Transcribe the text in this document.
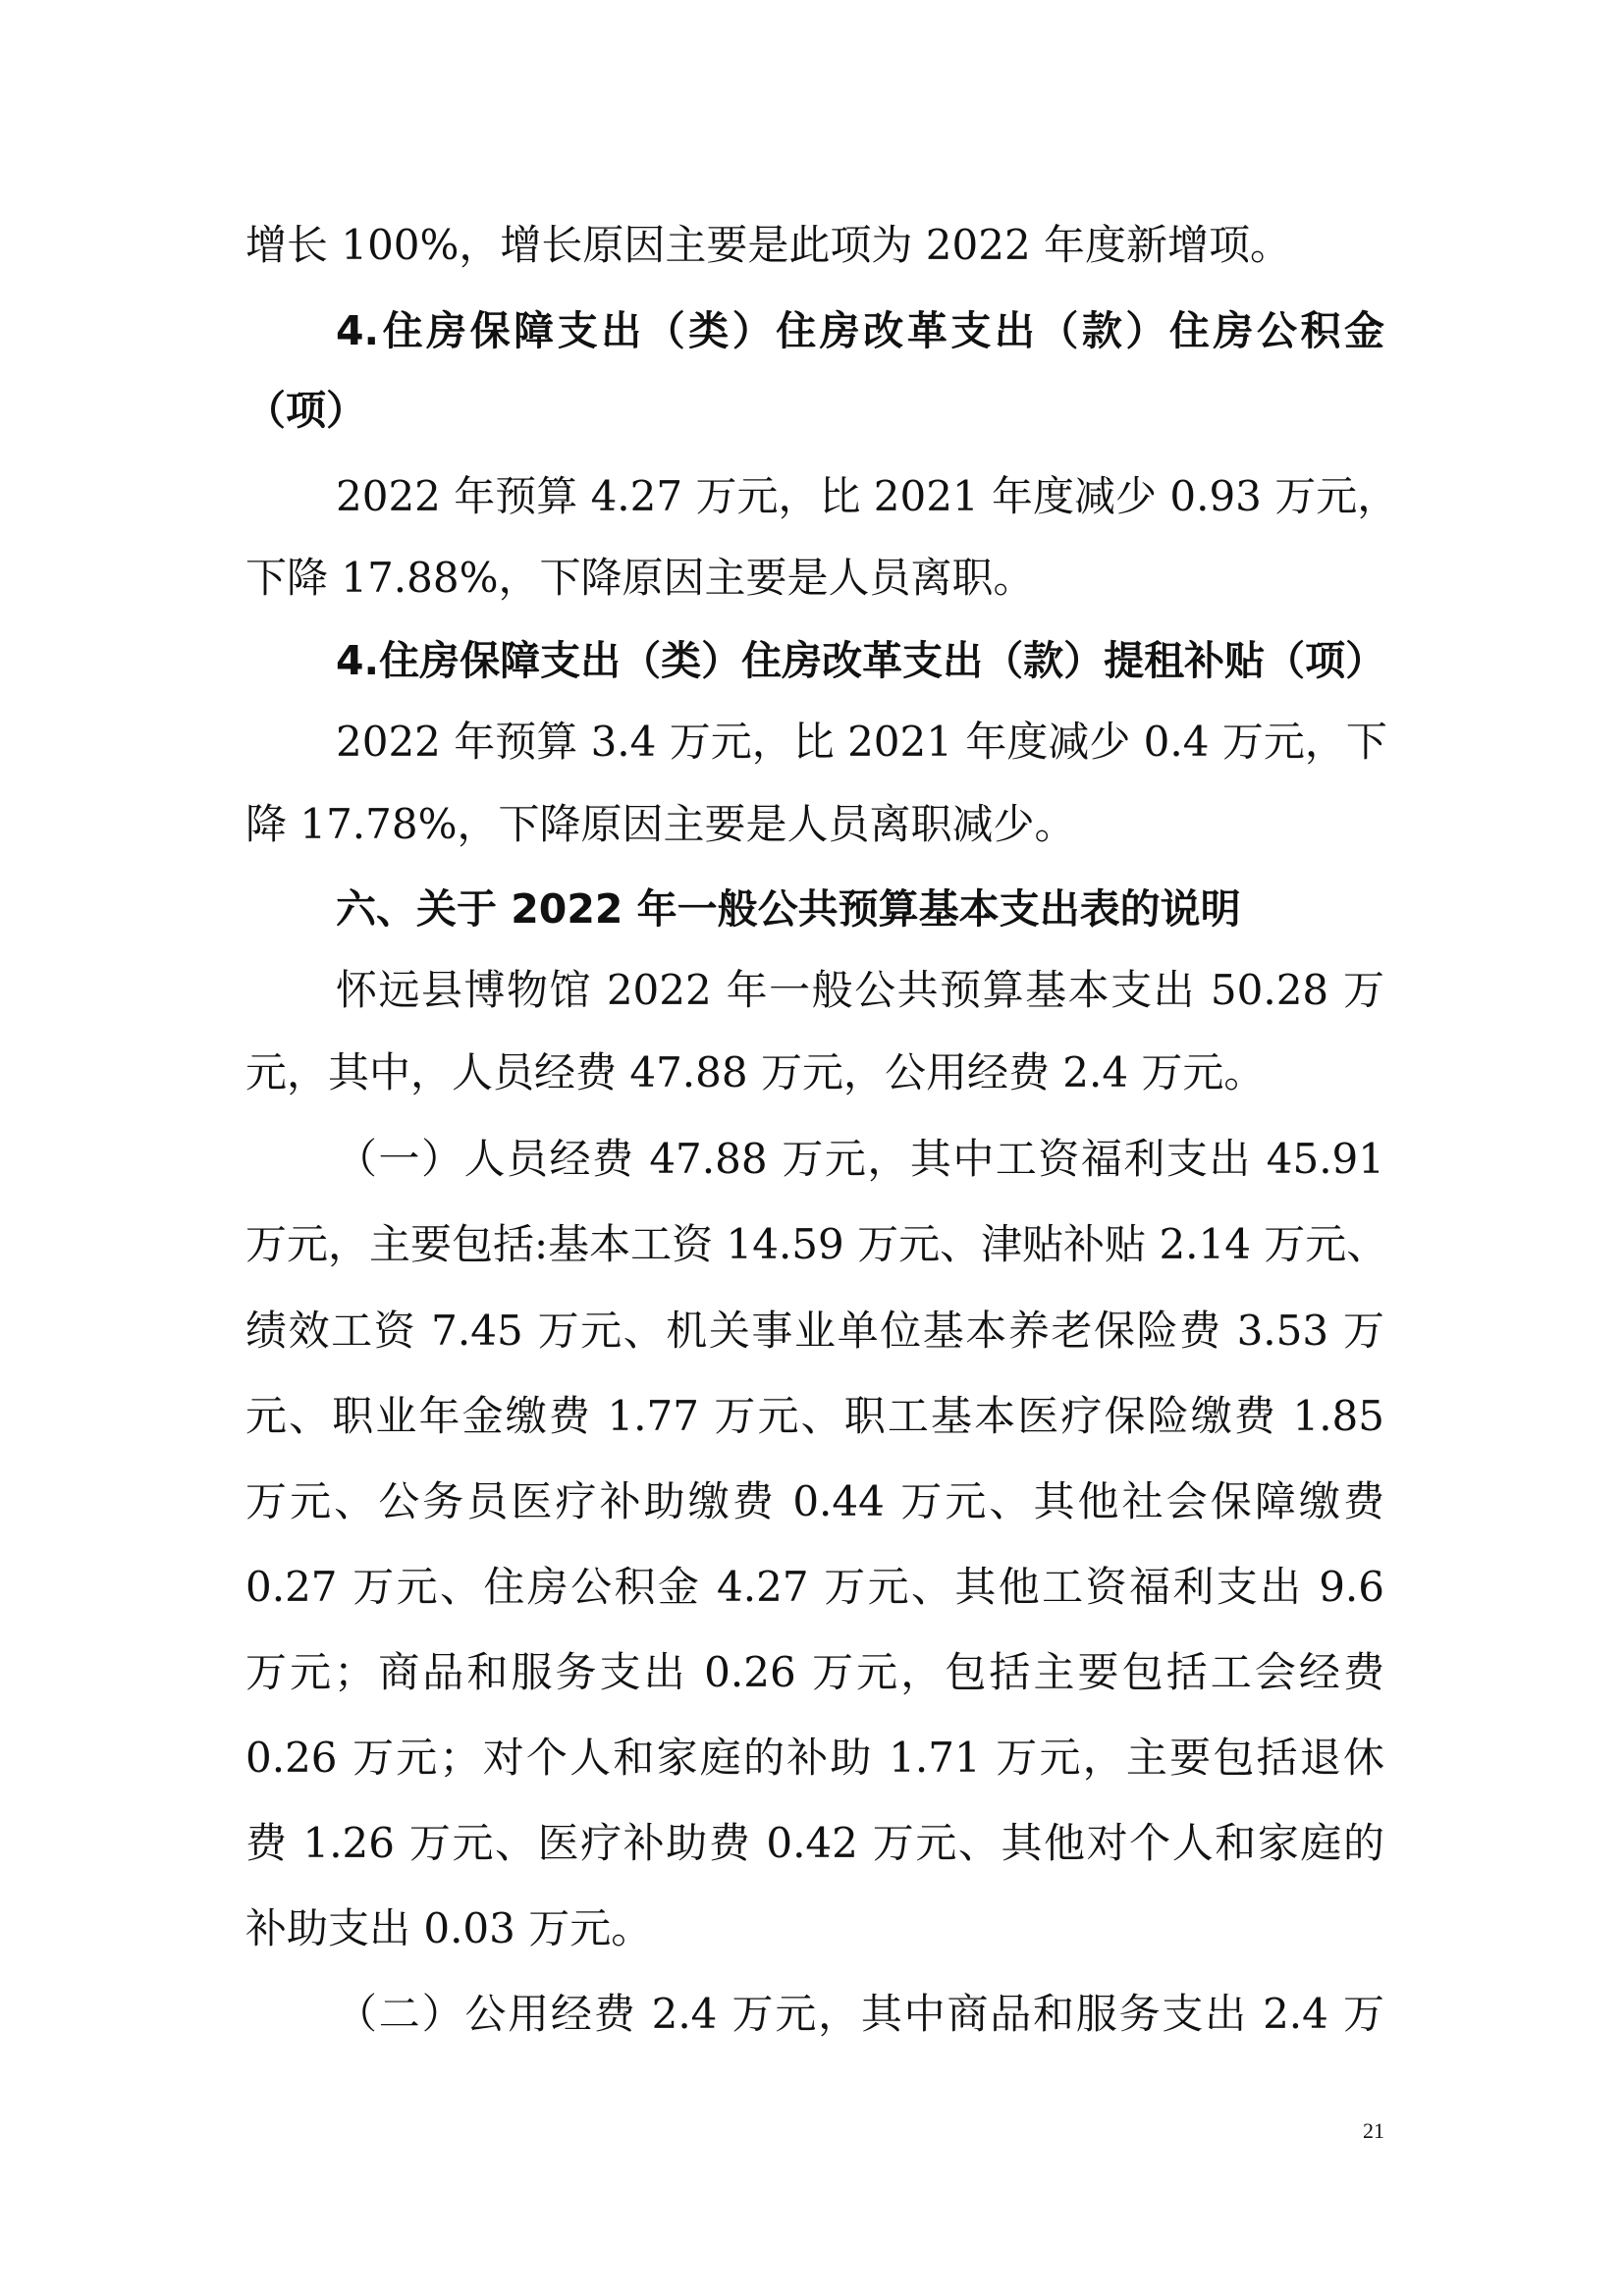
增长 100%，增长原因主要是此项为 2022 年度新增项。
4.住房保障支出（类）住房改革支出（款）住房公积金
（项）
2022 年预算 4.27 万元，比 2021 年度减少 0.93 万元，
下降 17.88%，下降原因主要是人员离职。
4.住房保障支出（类）住房改革支出（款）提租补贴（项）
2022 年预算 3.4 万元，比 2021 年度减少 0.4 万元，下
降 17.78%，下降原因主要是人员离职减少。
六、关于 2022 年一般公共预算基本支出表的说明
怀远县博物馆 2022 年一般公共预算基本支出 50.28 万
元，其中，人员经费 47.88 万元，公用经费 2.4 万元。
（一）人员经费 47.88 万元，其中工资福利支出 45.91
万元，主要包括:基本工资 14.59 万元、津贴补贴 2.14 万元、
绩效工资 7.45 万元、机关事业单位基本养老保险费 3.53 万
元、职业年金缴费 1.77 万元、职工基本医疗保险缴费 1.85
万元、公务员医疗补助缴费 0.44 万元、其他社会保障缴费
0.27 万元、住房公积金 4.27 万元、其他工资福利支出 9.6
万元；商品和服务支出 0.26 万元，包括主要包括工会经费
0.26 万元；对个人和家庭的补助 1.71 万元，主要包括退休
费 1.26 万元、医疗补助费 0.42 万元、其他对个人和家庭的
补助支出 0.03 万元。
（二）公用经费 2.4 万元，其中商品和服务支出 2.4 万
21
